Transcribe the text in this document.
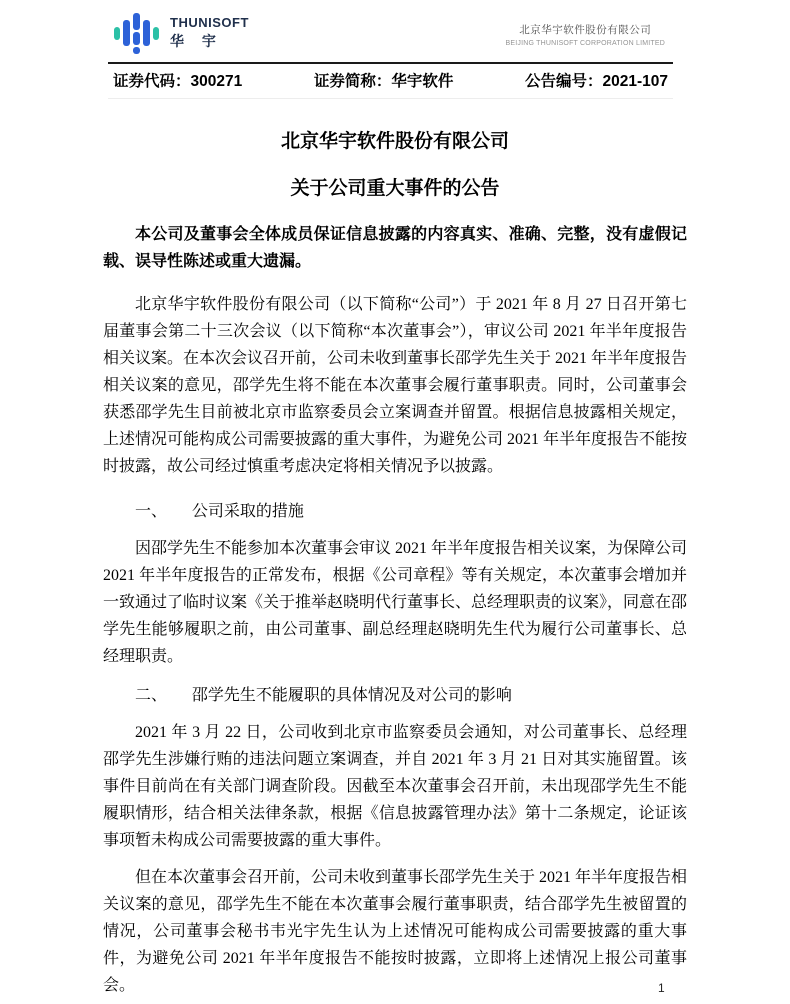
THUNISOFT
华 宇
北京华宇软件股份有限公司
BEIJING THUNISOFT CORPORATION LIMITED
证券代码：300271	证券简称：华宇软件	公告编号：2021-107
北京华宇软件股份有限公司
关于公司重大事件的公告

本公司及董事会全体成员保证信息披露的内容真实、准确、完整，没有虚假记载、误导性陈述或重大遗漏。

北京华宇软件股份有限公司（以下简称“公司”）于 2021 年 8 月 27 日召开第七届董事会第二十三次会议（以下简称“本次董事会”），审议公司 2021 年半年度报告相关议案。在本次会议召开前，公司未收到董事长邵学先生关于 2021 年半年度报告相关议案的意见，邵学先生将不能在本次董事会履行董事职责。同时，公司董事会获悉邵学先生目前被北京市监察委员会立案调查并留置。根据信息披露相关规定，上述情况可能构成公司需要披露的重大事件，为避免公司 2021 年半年度报告不能按时披露，故公司经过慎重考虑决定将相关情况予以披露。

一、 公司采取的措施

因邵学先生不能参加本次董事会审议 2021 年半年度报告相关议案，为保障公司 2021 年半年度报告的正常发布，根据《公司章程》等有关规定，本次董事会增加并一致通过了临时议案《关于推举赵晓明代行董事长、总经理职责的议案》，同意在邵学先生能够履职之前，由公司董事、副总经理赵晓明先生代为履行公司董事长、总经理职责。

二、 邵学先生不能履职的具体情况及对公司的影响

2021 年 3 月 22 日，公司收到北京市监察委员会通知，对公司董事长、总经理邵学先生涉嫌行贿的违法问题立案调查，并自 2021 年 3 月 21 日对其实施留置。该事件目前尚在有关部门调查阶段。因截至本次董事会召开前，未出现邵学先生不能履职情形，结合相关法律条款，根据《信息披露管理办法》第十二条规定，论证该事项暂未构成公司需要披露的重大事件。

但在本次董事会召开前，公司未收到董事长邵学先生关于 2021 年半年度报告相关议案的意见，邵学先生不能在本次董事会履行董事职责，结合邵学先生被留置的情况，公司董事会秘书韦光宇先生认为上述情况可能构成公司需要披露的重大事件，为避免公司 2021 年半年度报告不能按时披露，立即将上述情况上报公司董事会。	1
